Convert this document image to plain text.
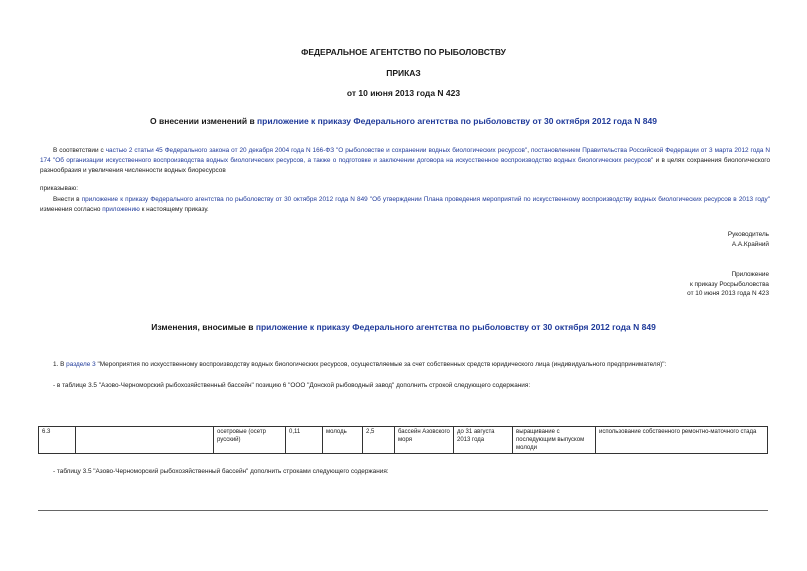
ФЕДЕРАЛЬНОЕ АГЕНТСТВО ПО РЫБОЛОВСТВУ
ПРИКАЗ
от 10 июня 2013 года N 423
О внесении изменений в приложение к приказу Федерального агентства по рыболовству от 30 октября 2012 года N 849
В соответствии с частью 2 статьи 45 Федерального закона от 20 декабря 2004 года N 166-ФЗ "О рыболовстве и сохранении водных биологических ресурсов", постановлением Правительства Российской Федерации от 3 марта 2012 года N 174 "Об организации искусственного воспроизводства водных биологических ресурсов, а также о подготовке и заключении договора на искусственное воспроизводство водных биологических ресурсов" и в целях сохранения биологического разнообразия и увеличения численности водных биоресурсов
приказываю:
Внести в приложение к приказу Федерального агентства по рыболовству от 30 октября 2012 года N 849 "Об утверждении Плана проведения мероприятий по искусственному воспроизводству водных биологических ресурсов в 2013 году" изменения согласно приложению к настоящему приказу.
Руководитель
А.А.Крайний
Приложение
к приказу Росрыболовства
от 10 июня 2013 года N 423
Изменения, вносимые в приложение к приказу Федерального агентства по рыболовству от 30 октября 2012 года N 849
1. В разделе 3 "Мероприятия по искусственному воспроизводству водных биологических ресурсов, осуществляемые за счет собственных средств юридического лица (индивидуального предпринимателя)":
- в таблице 3.5 "Азово-Черноморский рыбохозяйственный бассейн" позицию 6 "ООО "Донской рыбоводный завод" дополнить строкой следующего содержания:
6.3		осетровые (осетр русский)	0,11	молодь	2,5	бассейн Азовского моря	до 31 августа 2013 года	выращивание с последующим выпуском молоди	использование собственного ремонтно-маточного стада
- таблицу 3.5 "Азово-Черноморский рыбохозяйственный бассейн" дополнить строками следующего содержания:
